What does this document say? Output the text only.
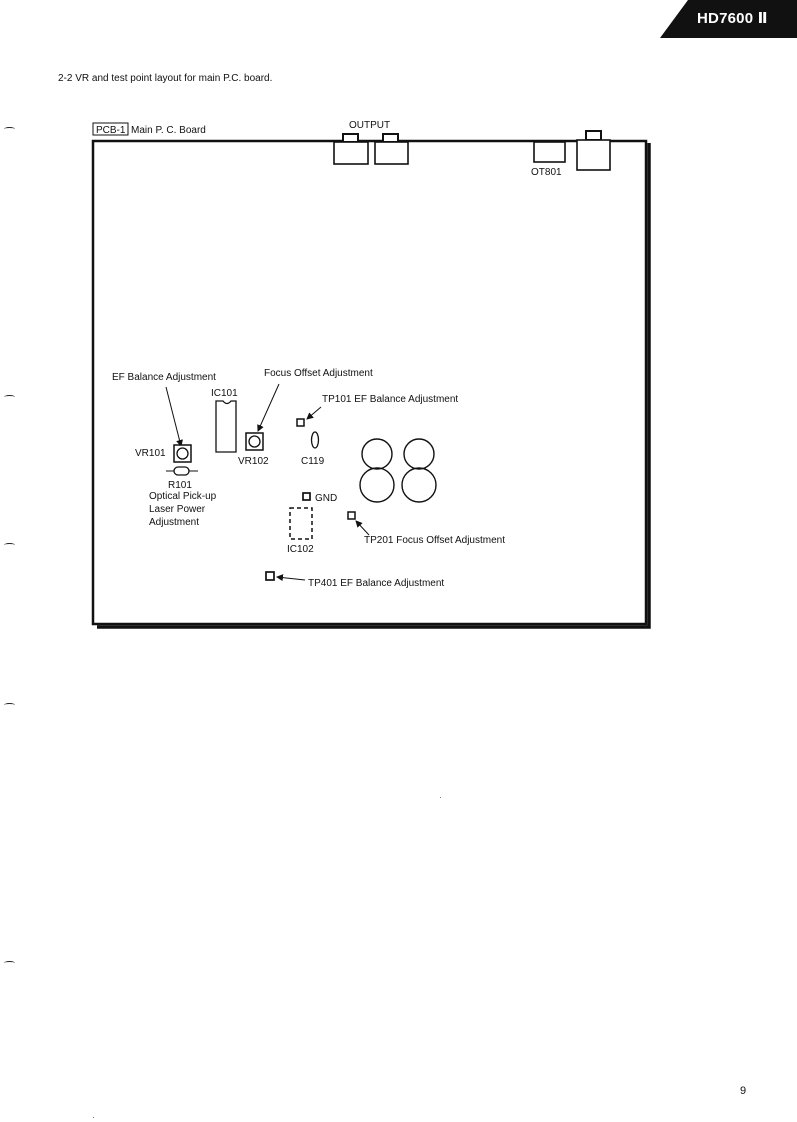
HD7600 Ⅱ
2-2 VR and test point layout for main P.C. board.
PCB-1 Main P. C. Board	OUTPUT
OT801
EF Balance Adjustment
IC101
Focus Offset Adjustment
VR101
R101
Optical Pick-up
Laser Power
Adjustment
VR102
TP101 EF Balance Adjustment
C119
GND
IC102
TP201 Focus Offset Adjustment
TP401 EF Balance Adjustment
9
